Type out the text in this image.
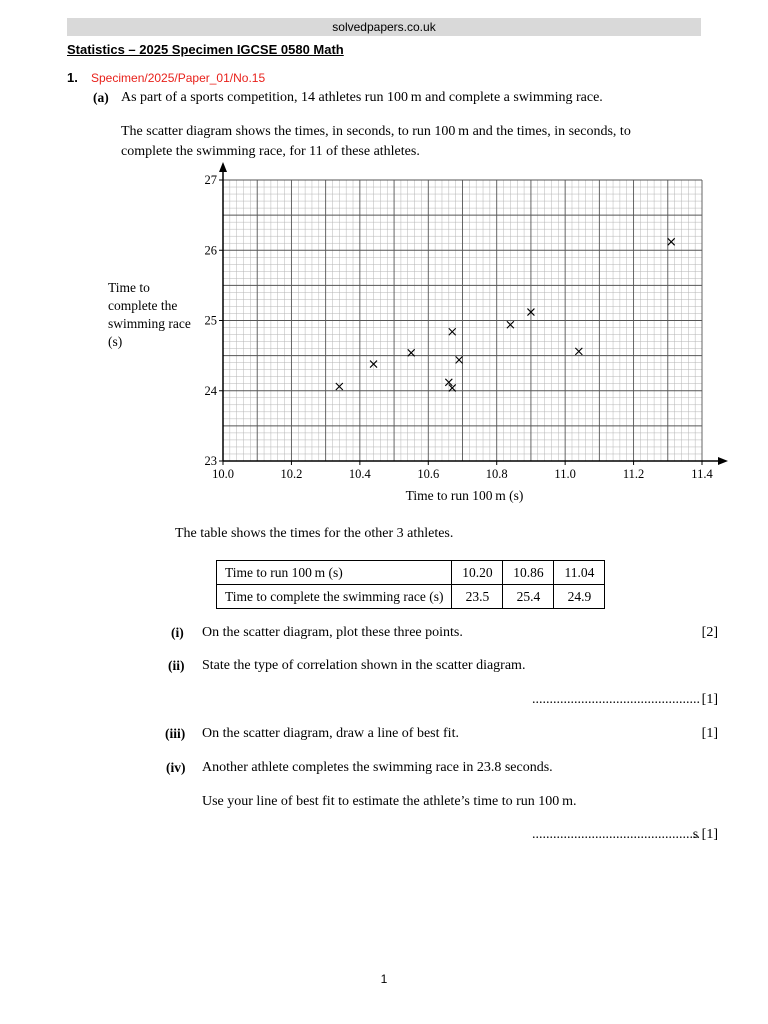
solvedpapers.co.uk
Statistics – 2025 Specimen IGCSE 0580 Math
1. Specimen/2025/Paper_01/No.15
(a) As part of a sports competition, 14 athletes run 100 m and complete a swimming race.
The scatter diagram shows the times, in seconds, to run 100 m and the times, in seconds, to
complete the swimming race, for 11 of these athletes.
10.0	10.2	10.4	10.6	10.8	11.0	11.2	11.4
23
24
25
26
27
Time to complete the swimming race (s)
Time to run 100 m (s)
The table shows the times for the other 3 athletes.
Time to run 100 m (s)	10.20	10.86	11.04
Time to complete the swimming race (s)	23.5	25.4	24.9
(i) On the scatter diagram, plot these three points.	[2]
(ii) State the type of correlation shown in the scatter diagram.
................................................ [1]
(iii) On the scatter diagram, draw a line of best fit.	[1]
(iv) Another athlete completes the swimming race in 23.8 seconds.
Use your line of best fit to estimate the athlete’s time to run 100 m.
................................................
s [1]
1
